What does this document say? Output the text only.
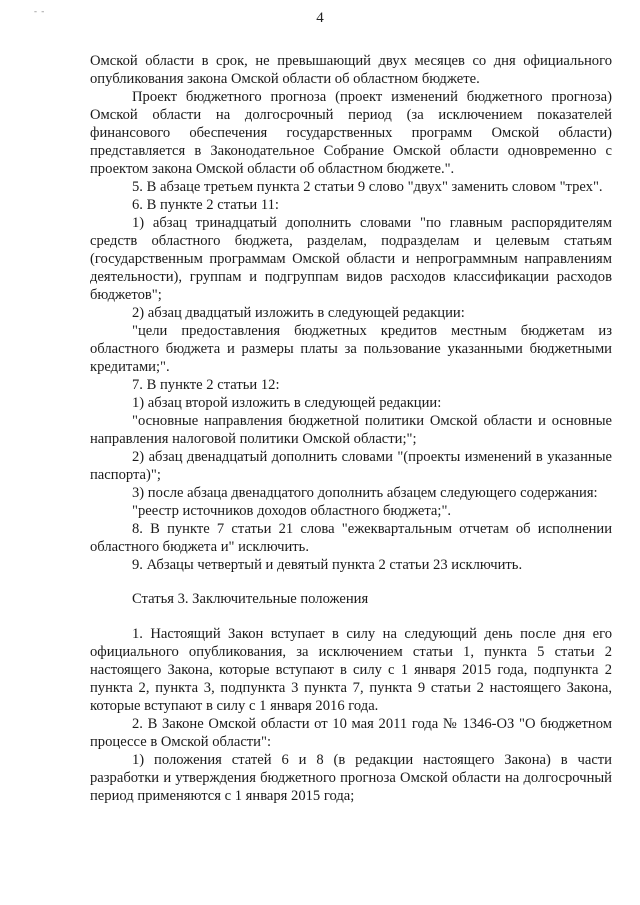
- -	4

Омской области в срок, не превышающий двух месяцев со дня официального опубликования закона Омской области об областном бюджете.

Проект бюджетного прогноза (проект изменений бюджетного прогноза) Омской области на долгосрочный период (за исключением показателей финансового обеспечения государственных программ Омской области) представляется в Законодательное Собрание Омской области одновременно с проектом закона Омской области об областном бюджете.".

5. В абзаце третьем пункта 2 статьи 9 слово "двух" заменить словом "трех".

6. В пункте 2 статьи 11:

1) абзац тринадцатый дополнить словами "по главным распорядителям средств областного бюджета, разделам, подразделам и целевым статьям (государственным программам Омской области и непрограммным направлениям деятельности), группам и подгруппам видов расходов классификации расходов бюджетов";

2) абзац двадцатый изложить в следующей редакции:

"цели предоставления бюджетных кредитов местным бюджетам из областного бюджета и размеры платы за пользование указанными бюджетными кредитами;".

7. В пункте 2 статьи 12:

1) абзац второй изложить в следующей редакции:

"основные направления бюджетной политики Омской области и основные направления налоговой политики Омской области;";

2) абзац двенадцатый дополнить словами "(проекты изменений в указанные паспорта)";

3) после абзаца двенадцатого дополнить абзацем следующего содержания:

"реестр источников доходов областного бюджета;".

8. В пункте 7 статьи 21 слова "ежеквартальным отчетам об исполнении областного бюджета и" исключить.

9. Абзацы четвертый и девятый пункта 2 статьи 23 исключить.

Статья 3. Заключительные положения

1. Настоящий Закон вступает в силу на следующий день после дня его официального опубликования, за исключением статьи 1, пункта 5 статьи 2 настоящего Закона, которые вступают в силу с 1 января 2015 года, подпункта 2 пункта 2, пункта 3, подпункта 3 пункта 7, пункта 9 статьи 2 настоящего Закона, которые вступают в силу с 1 января 2016 года.

2. В Законе Омской области от 10 мая 2011 года № 1346-ОЗ "О бюджетном процессе в Омской области":

1) положения статей 6 и 8 (в редакции настоящего Закона) в части разработки и утверждения бюджетного прогноза Омской области на долгосрочный период применяются с 1 января 2015 года;
